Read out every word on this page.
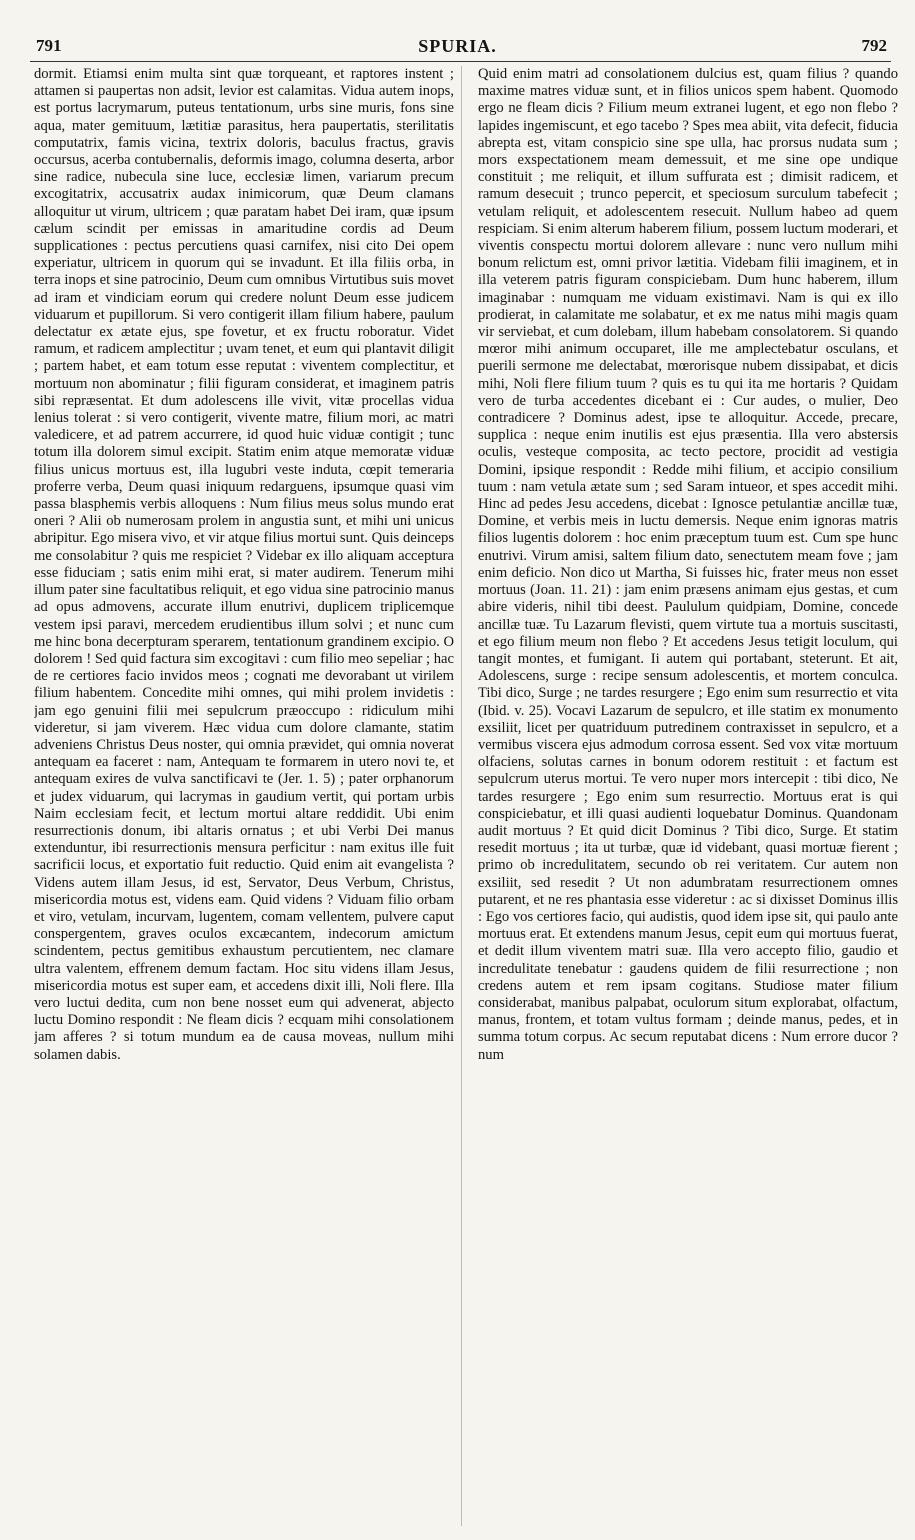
791	SPURIA.	792

dormit. Etiamsi enim multa sint quæ torqueant, et raptores instent ; attamen si paupertas non adsit, levior est calamitas. Vidua autem inops, est portus lacrymarum, puteus tentationum, urbs sine muris, fons sine aqua, mater gemituum, lætitiæ parasitus, hera paupertatis, sterilitatis computatrix, famis vicina, textrix doloris, baculus fractus, gravis occursus, acerba contubernalis, deformis imago, columna deserta, arbor sine radice, nubecula sine luce, ecclesiæ limen, variarum precum excogitatrix, accusatrix audax inimicorum, quæ Deum clamans alloquitur ut virum, ultricem ; quæ paratam habet Dei iram, quæ ipsum cælum scindit per emissas in amaritudine cordis ad Deum supplicationes : pectus percutiens quasi carnifex, nisi cito Dei opem experiatur, ultricem in quorum qui se invadunt. Et illa filiis orba, in terra inops et sine patrocinio, Deum cum omnibus Virtutibus suis movet ad iram et vindiciam eorum qui credere nolunt Deum esse judicem viduarum et pupillorum. Si vero contigerit illam filium habere, paulum delectatur ex ætate ejus, spe fovetur, et ex fructu roboratur. Videt ramum, et radicem amplectitur ; uvam tenet, et eum qui plantavit diligit ; partem habet, et eam totum esse reputat : viventem complectitur, et mortuum non abominatur ; filii figuram considerat, et imaginem patris sibi repræsentat. Et dum adolescens ille vivit, vitæ procellas vidua lenius tolerat : si vero contigerit, vivente matre, filium mori, ac matri valedicere, et ad patrem accurrere, id quod huic viduæ contigit ; tunc totum illa dolorem simul excipit. Statim enim atque memoratæ viduæ filius unicus mortuus est, illa lugubri veste induta, cœpit temeraria proferre verba, Deum quasi iniquum redarguens, ipsumque quasi vim passa blasphemis verbis alloquens : Num filius meus solus mundo erat oneri ? Alii ob numerosam prolem in angustia sunt, et mihi uni unicus abripitur. Ego misera vivo, et vir atque filius mortui sunt. Quis deinceps me consolabitur ? quis me respiciet ? Videbar ex illo aliquam acceptura esse fiduciam ; satis enim mihi erat, si mater audirem. Tenerum mihi illum pater sine facultatibus reliquit, et ego vidua sine patrocinio manus ad opus admovens, accurate illum enutrivi, duplicem triplicemque vestem ipsi paravi, mercedem erudientibus illum solvi ; et nunc cum me hinc bona decerpturam sperarem, tentationum grandinem excipio. O dolorem ! Sed quid factura sim excogitavi : cum filio meo sepeliar ; hac de re certiores facio invidos meos ; cognati me devorabant ut virilem filium habentem. Concedite mihi omnes, qui mihi prolem invidetis : jam ego genuini filii mei sepulcrum præoccupo : ridiculum mihi videretur, si jam viverem. Hæc vidua cum dolore clamante, statim adveniens Christus Deus noster, qui omnia prævidet, qui omnia noverat antequam ea faceret : nam, Antequam te formarem in utero novi te, et antequam exires de vulva sanctificavi te (Jer. 1. 5) ; pater orphanorum et judex viduarum, qui lacrymas in gaudium vertit, qui portam urbis Naim ecclesiam fecit, et lectum mortui altare reddidit. Ubi enim resurrectionis donum, ibi altaris ornatus ; et ubi Verbi Dei manus extenduntur, ibi resurrectionis mensura perficitur : nam exitus ille fuit sacrificii locus, et exportatio fuit reductio. Quid enim ait evangelista ? Videns autem illam Jesus, id est, Servator, Deus Verbum, Christus, misericordia motus est, videns eam. Quid videns ? Viduam filio orbam et viro, vetulam, incurvam, lugentem, comam vellentem, pulvere caput conspergentem, graves oculos excæcantem, indecorum amictum scindentem, pectus gemitibus exhaustum percutientem, nec clamare ultra valentem, effrenem demum factam. Hoc situ videns illam Jesus, misericordia motus est super eam, et accedens dixit illi, Noli flere. Illa vero luctui dedita, cum non bene nosset eum qui advenerat, abjecto luctu Domino respondit : Ne fleam dicis ? ecquam mihi consolationem jam afferes ? si totum mundum ea de causa moveas, nullum mihi solamen dabis.

Quid enim matri ad consolationem dulcius est, quam filius ? quando maxime matres viduæ sunt, et in filios unicos spem habent. Quomodo ergo ne fleam dicis ? Filium meum extranei lugent, et ego non flebo ? lapides ingemiscunt, et ego tacebo ? Spes mea abiit, vita defecit, fiducia abrepta est, vitam conspicio sine spe ulla, hac prorsus nudata sum ; mors exspectationem meam demessuit, et me sine ope undique constituit ; me reliquit, et illum suffurata est ; dimisit radicem, et ramum desecuit ; trunco pepercit, et speciosum surculum tabefecit ; vetulam reliquit, et adolescentem resecuit. Nullum habeo ad quem respiciam. Si enim alterum haberem filium, possem luctum moderari, et viventis conspectu mortui dolorem allevare : nunc vero nullum mihi bonum relictum est, omni privor lætitia. Videbam filii imaginem, et in illa veterem patris figuram conspiciebam. Dum hunc haberem, illum imaginabar : numquam me viduam existimavi. Nam is qui ex illo prodierat, in calamitate me solabatur, et ex me natus mihi magis quam vir serviebat, et cum dolebam, illum habebam consolatorem. Si quando mœror mihi animum occuparet, ille me amplectebatur osculans, et puerili sermone me delectabat, mœrorisque nubem dissipabat, et dicis mihi, Noli flere filium tuum ? quis es tu qui ita me hortaris ? Quidam vero de turba accedentes dicebant ei : Cur audes, o mulier, Deo contradicere ? Dominus adest, ipse te alloquitur. Accede, precare, supplica : neque enim inutilis est ejus præsentia. Illa vero abstersis oculis, vesteque composita, ac tecto pectore, procidit ad vestigia Domini, ipsique respondit : Redde mihi filium, et accipio consilium tuum : nam vetula ætate sum ; sed Saram intueor, et spes accedit mihi. Hinc ad pedes Jesu accedens, dicebat : Ignosce petulantiæ ancillæ tuæ, Domine, et verbis meis in luctu demersis. Neque enim ignoras matris filios lugentis dolorem : hoc enim præceptum tuum est. Cum spe hunc enutrivi. Virum amisi, saltem filium dato, senectutem meam fove ; jam enim deficio. Non dico ut Martha, Si fuisses hic, frater meus non esset mortuus (Joan. 11. 21) : jam enim præsens animam ejus gestas, et cum abire videris, nihil tibi deest. Paululum quidpiam, Domine, concede ancillæ tuæ. Tu Lazarum flevisti, quem virtute tua a mortuis suscitasti, et ego filium meum non flebo ? Et accedens Jesus tetigit loculum, qui tangit montes, et fumigant. Ii autem qui portabant, steterunt. Et ait, Adolescens, surge : recipe sensum adolescentis, et mortem conculca. Tibi dico, Surge ; ne tardes resurgere ; Ego enim sum resurrectio et vita (Ibid. v. 25). Vocavi Lazarum de sepulcro, et ille statim ex monumento exsiliit, licet per quatriduum putredinem contraxisset in sepulcro, et a vermibus viscera ejus admodum corrosa essent. Sed vox vitæ mortuum olfaciens, solutas carnes in bonum odorem restituit : et factum est sepulcrum uterus mortui. Te vero nuper mors intercepit : tibi dico, Ne tardes resurgere ; Ego enim sum resurrectio. Mortuus erat is qui conspiciebatur, et illi quasi audienti loquebatur Dominus. Quandonam audit mortuus ? Et quid dicit Dominus ? Tibi dico, Surge. Et statim resedit mortuus ; ita ut turbæ, quæ id videbant, quasi mortuæ fierent ; primo ob incredulitatem, secundo ob rei veritatem. Cur autem non exsiliit, sed resedit ? Ut non adumbratam resurrectionem omnes putarent, et ne res phantasia esse videretur : ac si dixisset Dominus illis : Ego vos certiores facio, qui audistis, quod idem ipse sit, qui paulo ante mortuus erat. Et extendens manum Jesus, cepit eum qui mortuus fuerat, et dedit illum viventem matri suæ. Illa vero accepto filio, gaudio et incredulitate tenebatur : gaudens quidem de filii resurrectione ; non credens autem et rem ipsam cogitans. Studiose mater filium considerabat, manibus palpabat, oculorum situm explorabat, olfactum, manus, frontem, et totam vultus formam ; deinde manus, pedes, et in summa totum corpus. Ac secum reputabat dicens : Num errore ducor ? num
